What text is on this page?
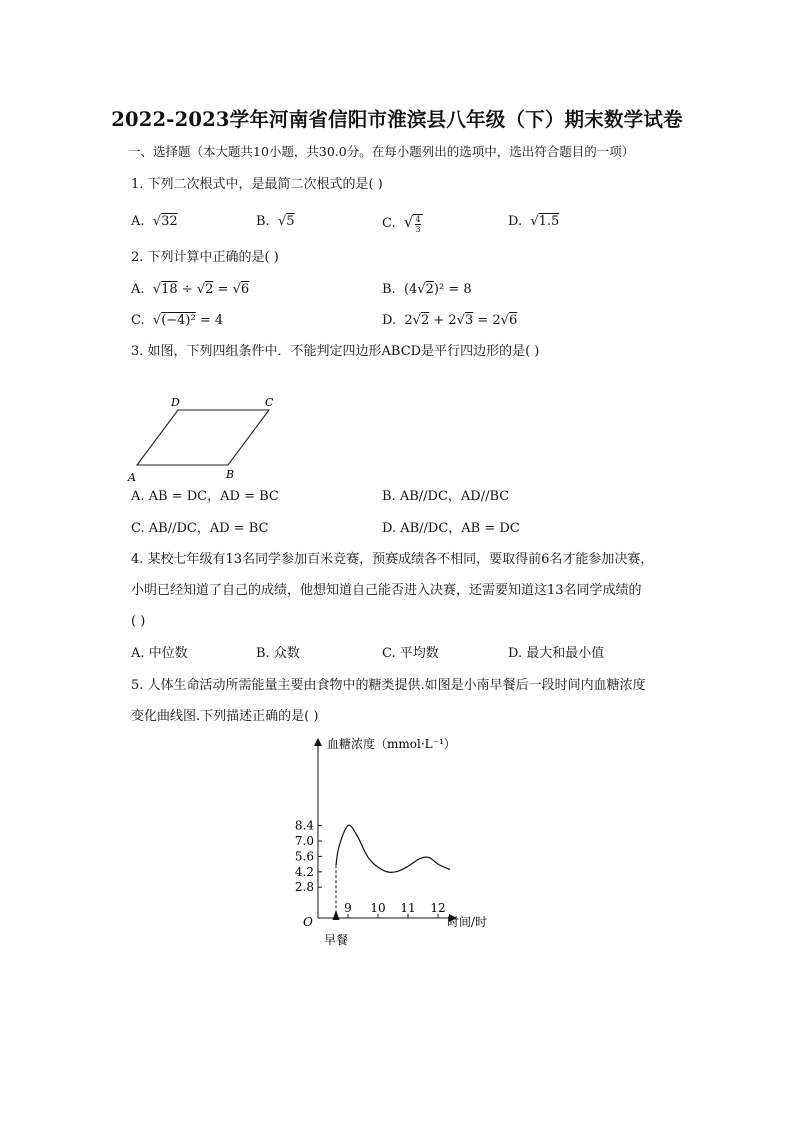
2022-2023学年河南省信阳市淮滨县八年级（下）期末数学试卷
一、选择题（本大题共10小题，共30.0分。在每小题列出的选项中，选出符合题目的一项）
1. 下列二次根式中，是最简二次根式的是( )
A.  √32	B.  √5	C. $√\frac{4}{3}$	D.  √1.5
2. 下列计算中正确的是( )
A.  √18 ÷ √2 = √6	B. (4√2)² = 8
C.  √(−4)² = 4	D. 2√2 + 2√3 = 2√6
3. 如图，下列四组条件中．不能判定四边形ABCD是平行四边形的是( )
A	B
C
D
A. AB = DC，AD = BC	B. AB//DC，AD//BC
C. AB//DC，AD = BC	D. AB//DC，AB = DC
4. 某校七年级有13名同学参加百米竞赛，预赛成绩各不相同，要取得前6名才能参加决赛，
小明已经知道了自己的成绩，他想知道自己能否进入决赛，还需要知道这13名同学成绩的
( )
A. 中位数	B. 众数	C. 平均数	D. 最大和最小值
5. 人体生命活动所需能量主要由食物中的糖类提供.如图是小南早餐后一段时间内血糖浓度
变化曲线图.下列描述正确的是( )
血糖浓度（mmol·L⁻¹）
时间/时
O
8.4
7.0
5.6
4.2
2.8
9 10 11 12
早餐
